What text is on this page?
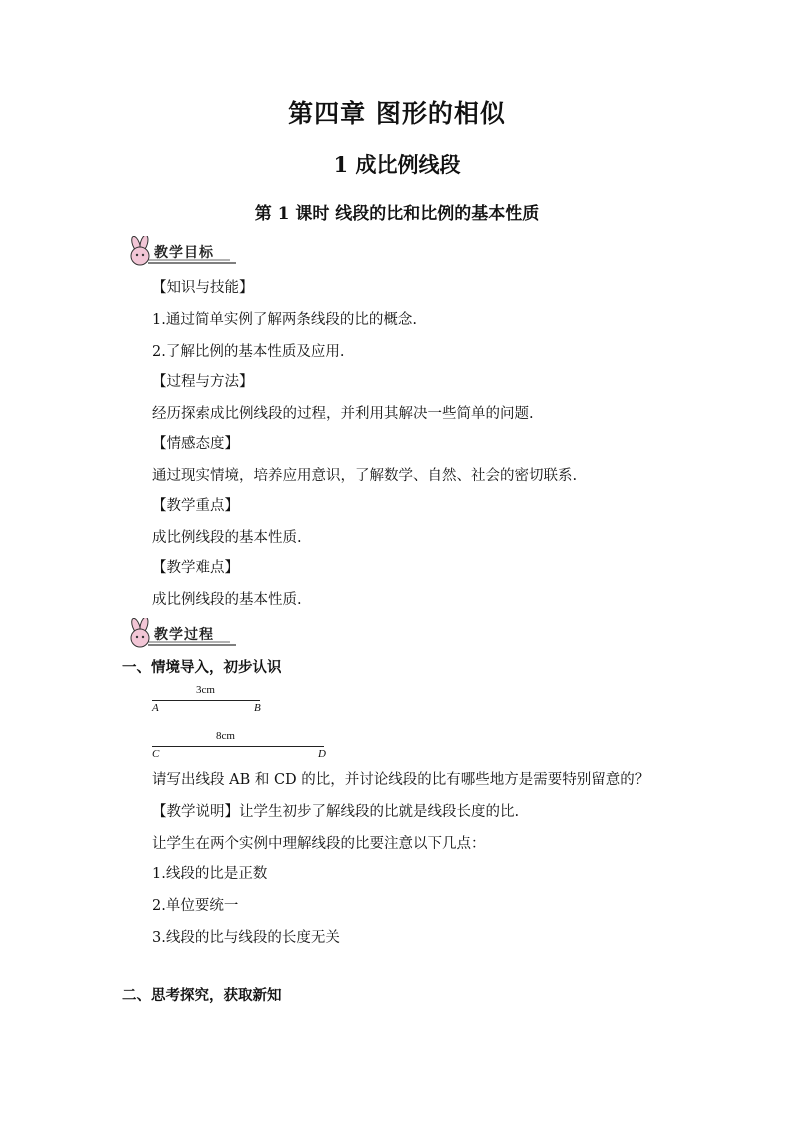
第四章 图形的相似
1 成比例线段
第 1 课时 线段的比和比例的基本性质
教学目标
【知识与技能】
1.通过简单实例了解两条线段的比的概念.
2.了解比例的基本性质及应用.
【过程与方法】
经历探索成比例线段的过程，并利用其解决一些简单的问题.
【情感态度】
通过现实情境，培养应用意识，了解数学、自然、社会的密切联系.
【教学重点】
成比例线段的基本性质.
【教学难点】
成比例线段的基本性质.
教学过程
一、情境导入，初步认识
3cm
A	B
8cm
C	D
请写出线段 AB 和 CD 的比，并讨论线段的比有哪些地方是需要特别留意的？
【教学说明】让学生初步了解线段的比就是线段长度的比.
让学生在两个实例中理解线段的比要注意以下几点：
1.线段的比是正数
2.单位要统一
3.线段的比与线段的长度无关
二、思考探究，获取新知
